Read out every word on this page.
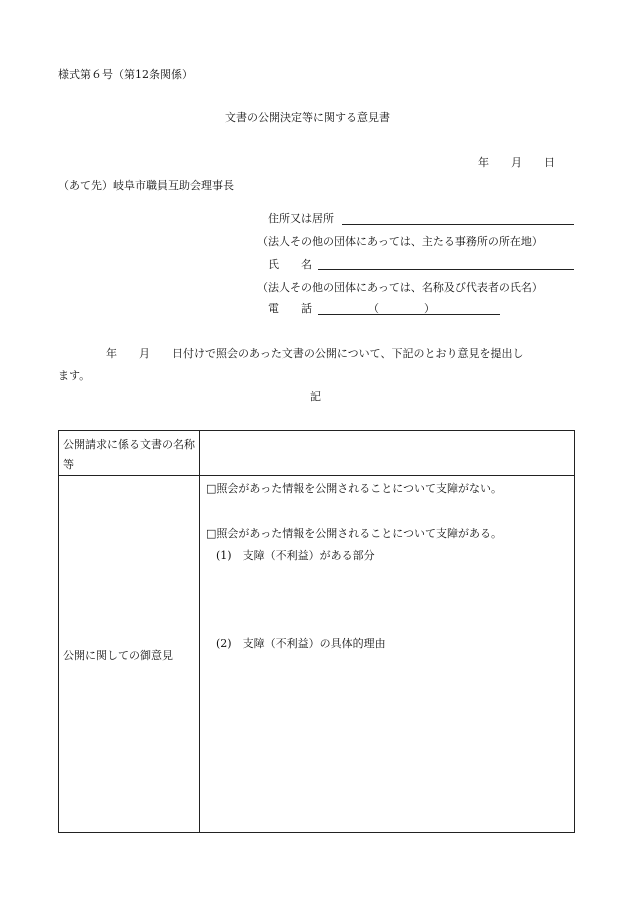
様式第６号（第12条関係）
文書の公開決定等に関する意見書
年　　月　　日
（あて先）岐阜市職員互助会理事長
住所又は居所
（法人その他の団体にあっては、主たる事務所の所在地）
氏　　名
（法人その他の団体にあっては、名称及び代表者の氏名）
電　　話	（	）
年　　月　　日付けで照会のあった文書の公開について、下記のとおり意見を提出し
ます。
記
公開請求に係る文書の名称等	
公開に関しての御意見	□照会があった情報を公開されることについて支障がない。
□照会があった情報を公開されることについて支障がある。
(1)　支障（不利益）がある部分
(2)　支障（不利益）の具体的理由
